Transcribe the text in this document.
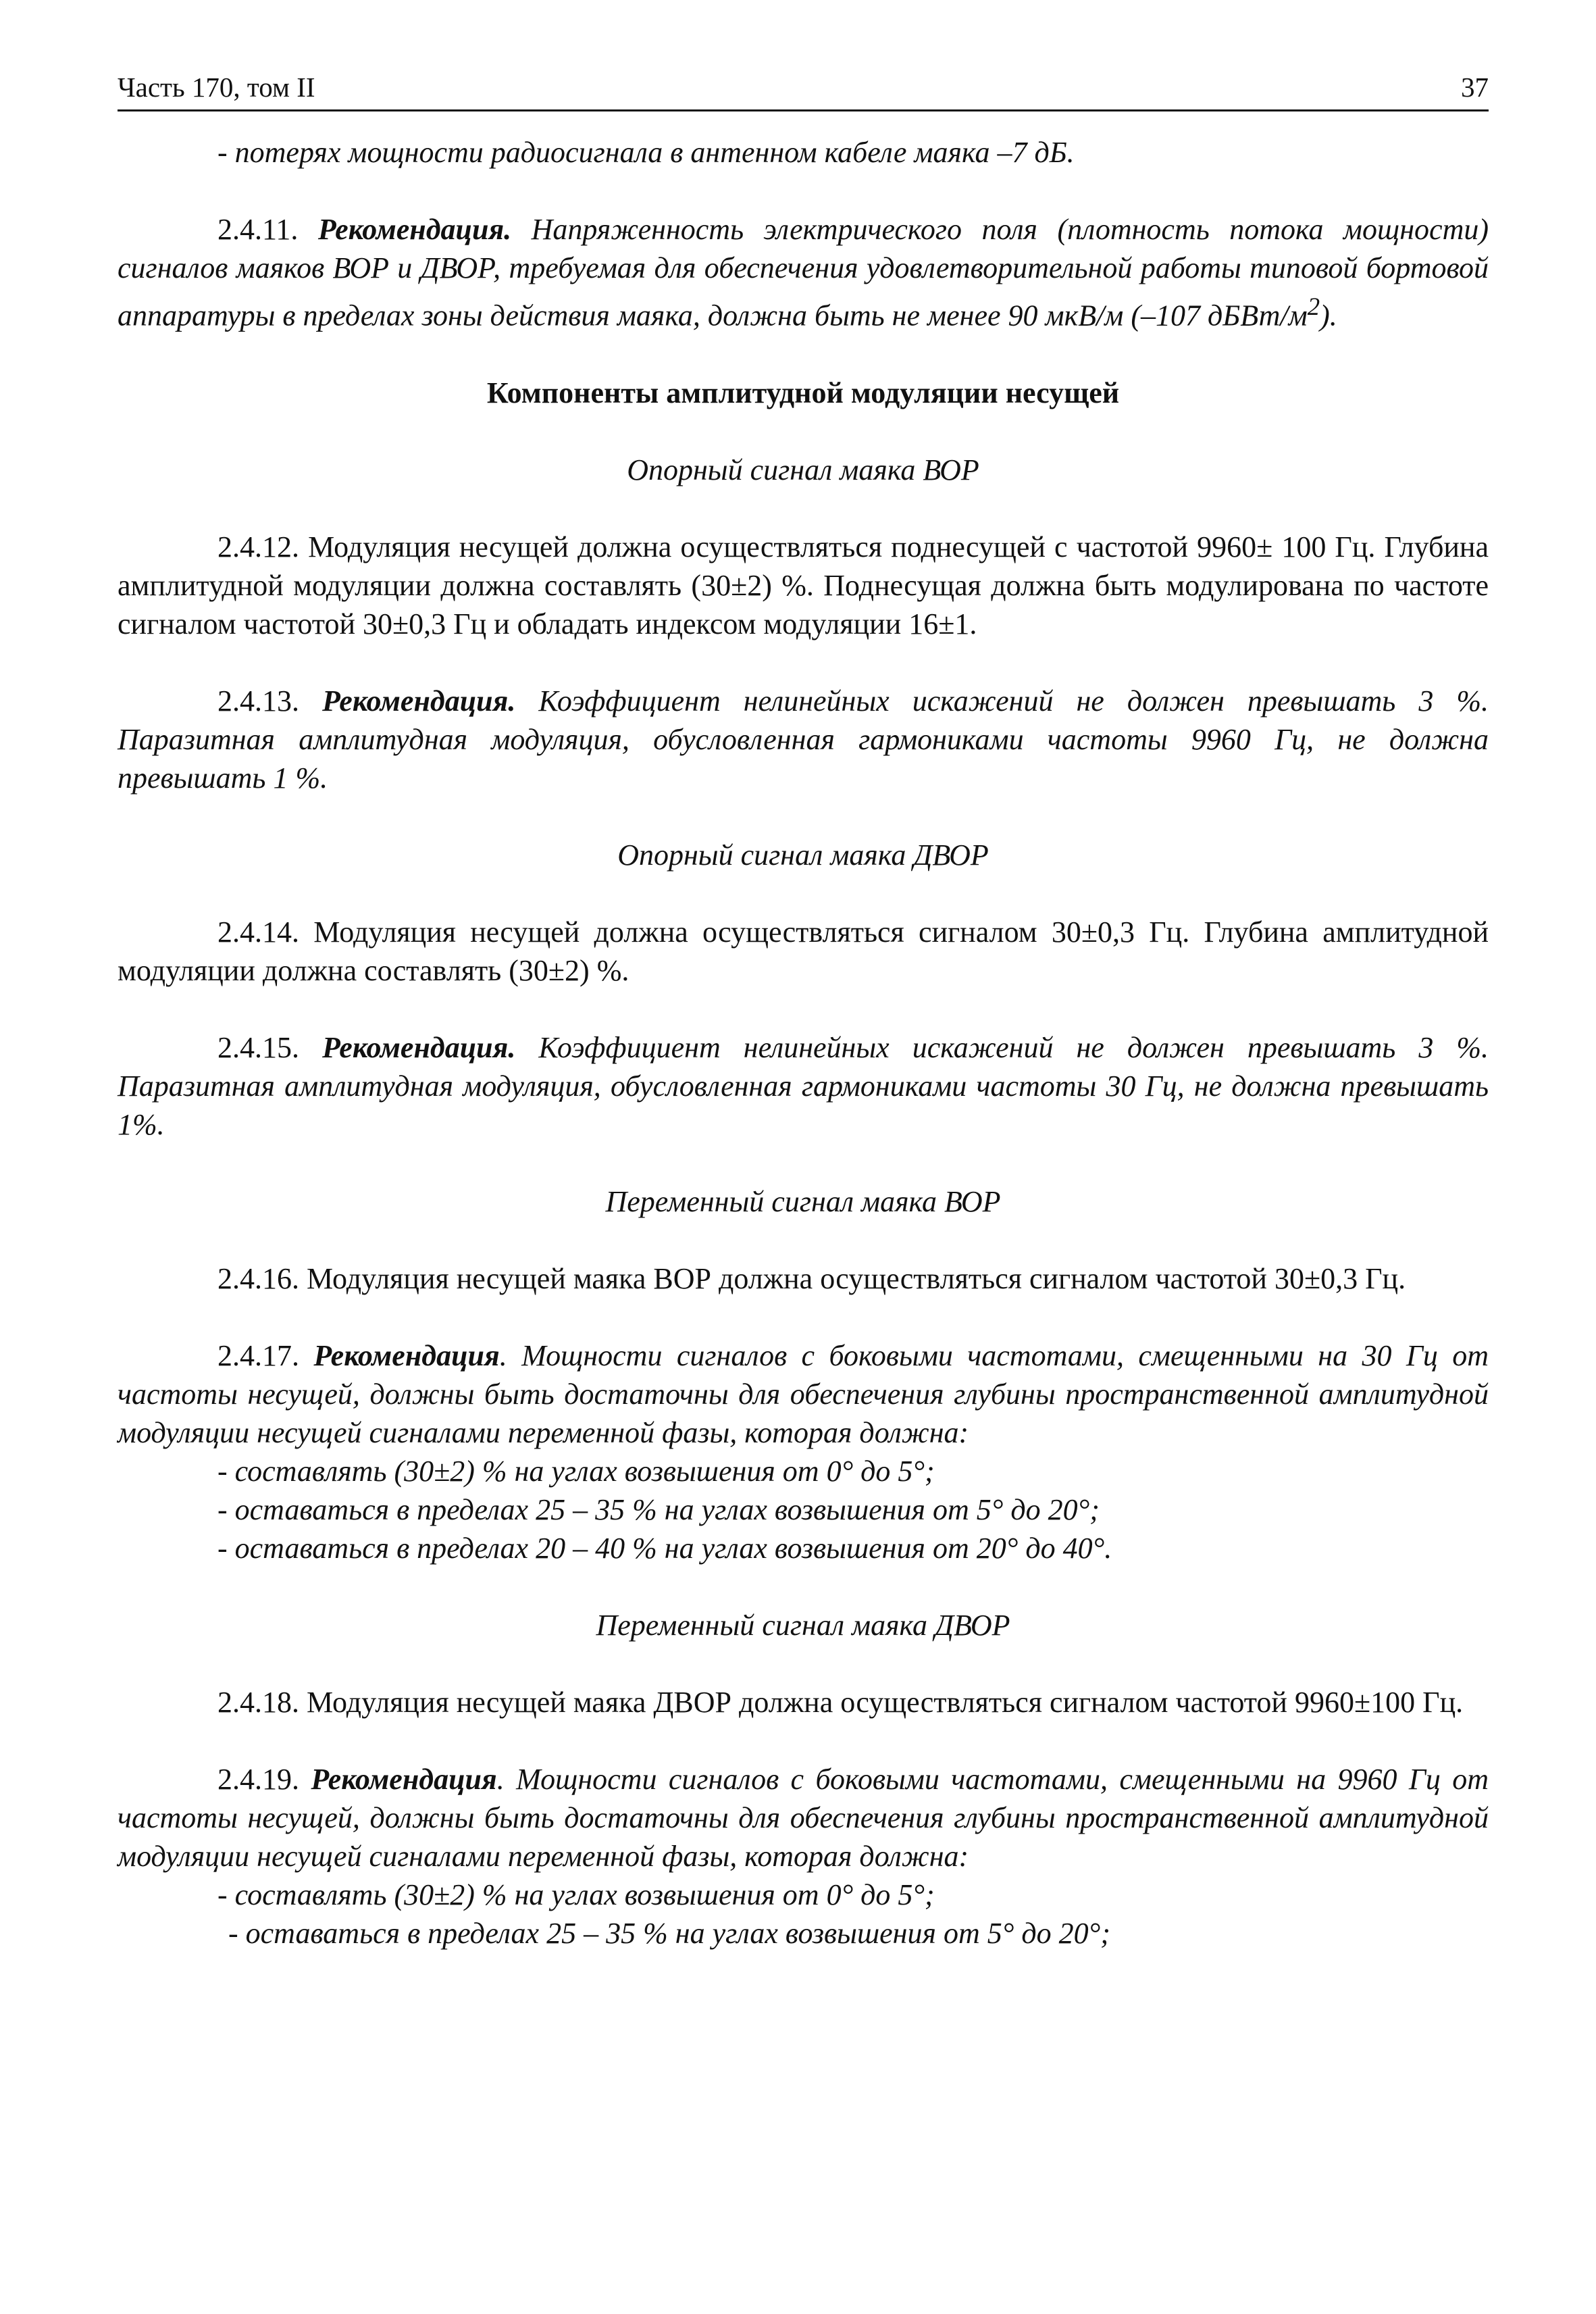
Часть 170, том II	37

- потерях мощности радиосигнала в антенном кабеле маяка –7 дБ.

2.4.11. Рекомендация. Напряженность электрического поля (плотность потока мощности) сигналов маяков ВОР и ДВОР, требуемая для обеспечения удовлетворительной работы типовой бортовой аппаратуры в пределах зоны действия маяка, должна быть не менее 90 мкВ/м (–107 дБВт/$м^2$).

Компоненты амплитудной модуляции несущей

Опорный сигнал маяка ВОР

2.4.12. Модуляция несущей должна осуществляться поднесущей с частотой 9960± 100 Гц. Глубина амплитудной модуляции должна составлять (30±2) %. Поднесущая должна быть модулирована по частоте сигналом частотой 30±0,3 Гц и обладать индексом модуляции 16±1.

2.4.13. Рекомендация. Коэффициент нелинейных искажений не должен превышать 3 %. Паразитная амплитудная модуляция, обусловленная гармониками частоты 9960 Гц, не должна превышать 1 %.

Опорный сигнал маяка ДВОР

2.4.14. Модуляция несущей должна осуществляться сигналом 30±0,3 Гц. Глубина амплитудной модуляции должна составлять (30±2) %.

2.4.15. Рекомендация. Коэффициент нелинейных искажений не должен превышать 3 %. Паразитная амплитудная модуляция, обусловленная гармониками частоты 30 Гц, не должна превышать 1%.

Переменный сигнал маяка ВОР

2.4.16. Модуляция несущей маяка ВОР должна осуществляться сигналом частотой 30±0,3 Гц.

2.4.17. Рекомендация. Мощности сигналов с боковыми частотами, смещенными на 30 Гц от частоты несущей, должны быть достаточны для обеспечения глубины пространственной амплитудной модуляции несущей сигналами переменной фазы, которая должна:

- составлять (30±2) % на углах возвышения от 0° до 5°;

- оставаться в пределах 25 – 35 % на углах возвышения от 5° до 20°;

- оставаться в пределах 20 – 40 % на углах возвышения от 20° до 40°.

Переменный сигнал маяка ДВОР

2.4.18. Модуляция несущей маяка ДВОР должна осуществляться сигналом частотой 9960±100 Гц.

2.4.19. Рекомендация. Мощности сигналов с боковыми частотами, смещенными на 9960 Гц от частоты несущей, должны быть достаточны для обеспечения глубины пространственной амплитудной модуляции несущей сигналами переменной фазы, которая должна:

- составлять (30±2) % на углах возвышения от 0° до 5°;

- оставаться в пределах 25 – 35 % на углах возвышения от 5° до 20°;
